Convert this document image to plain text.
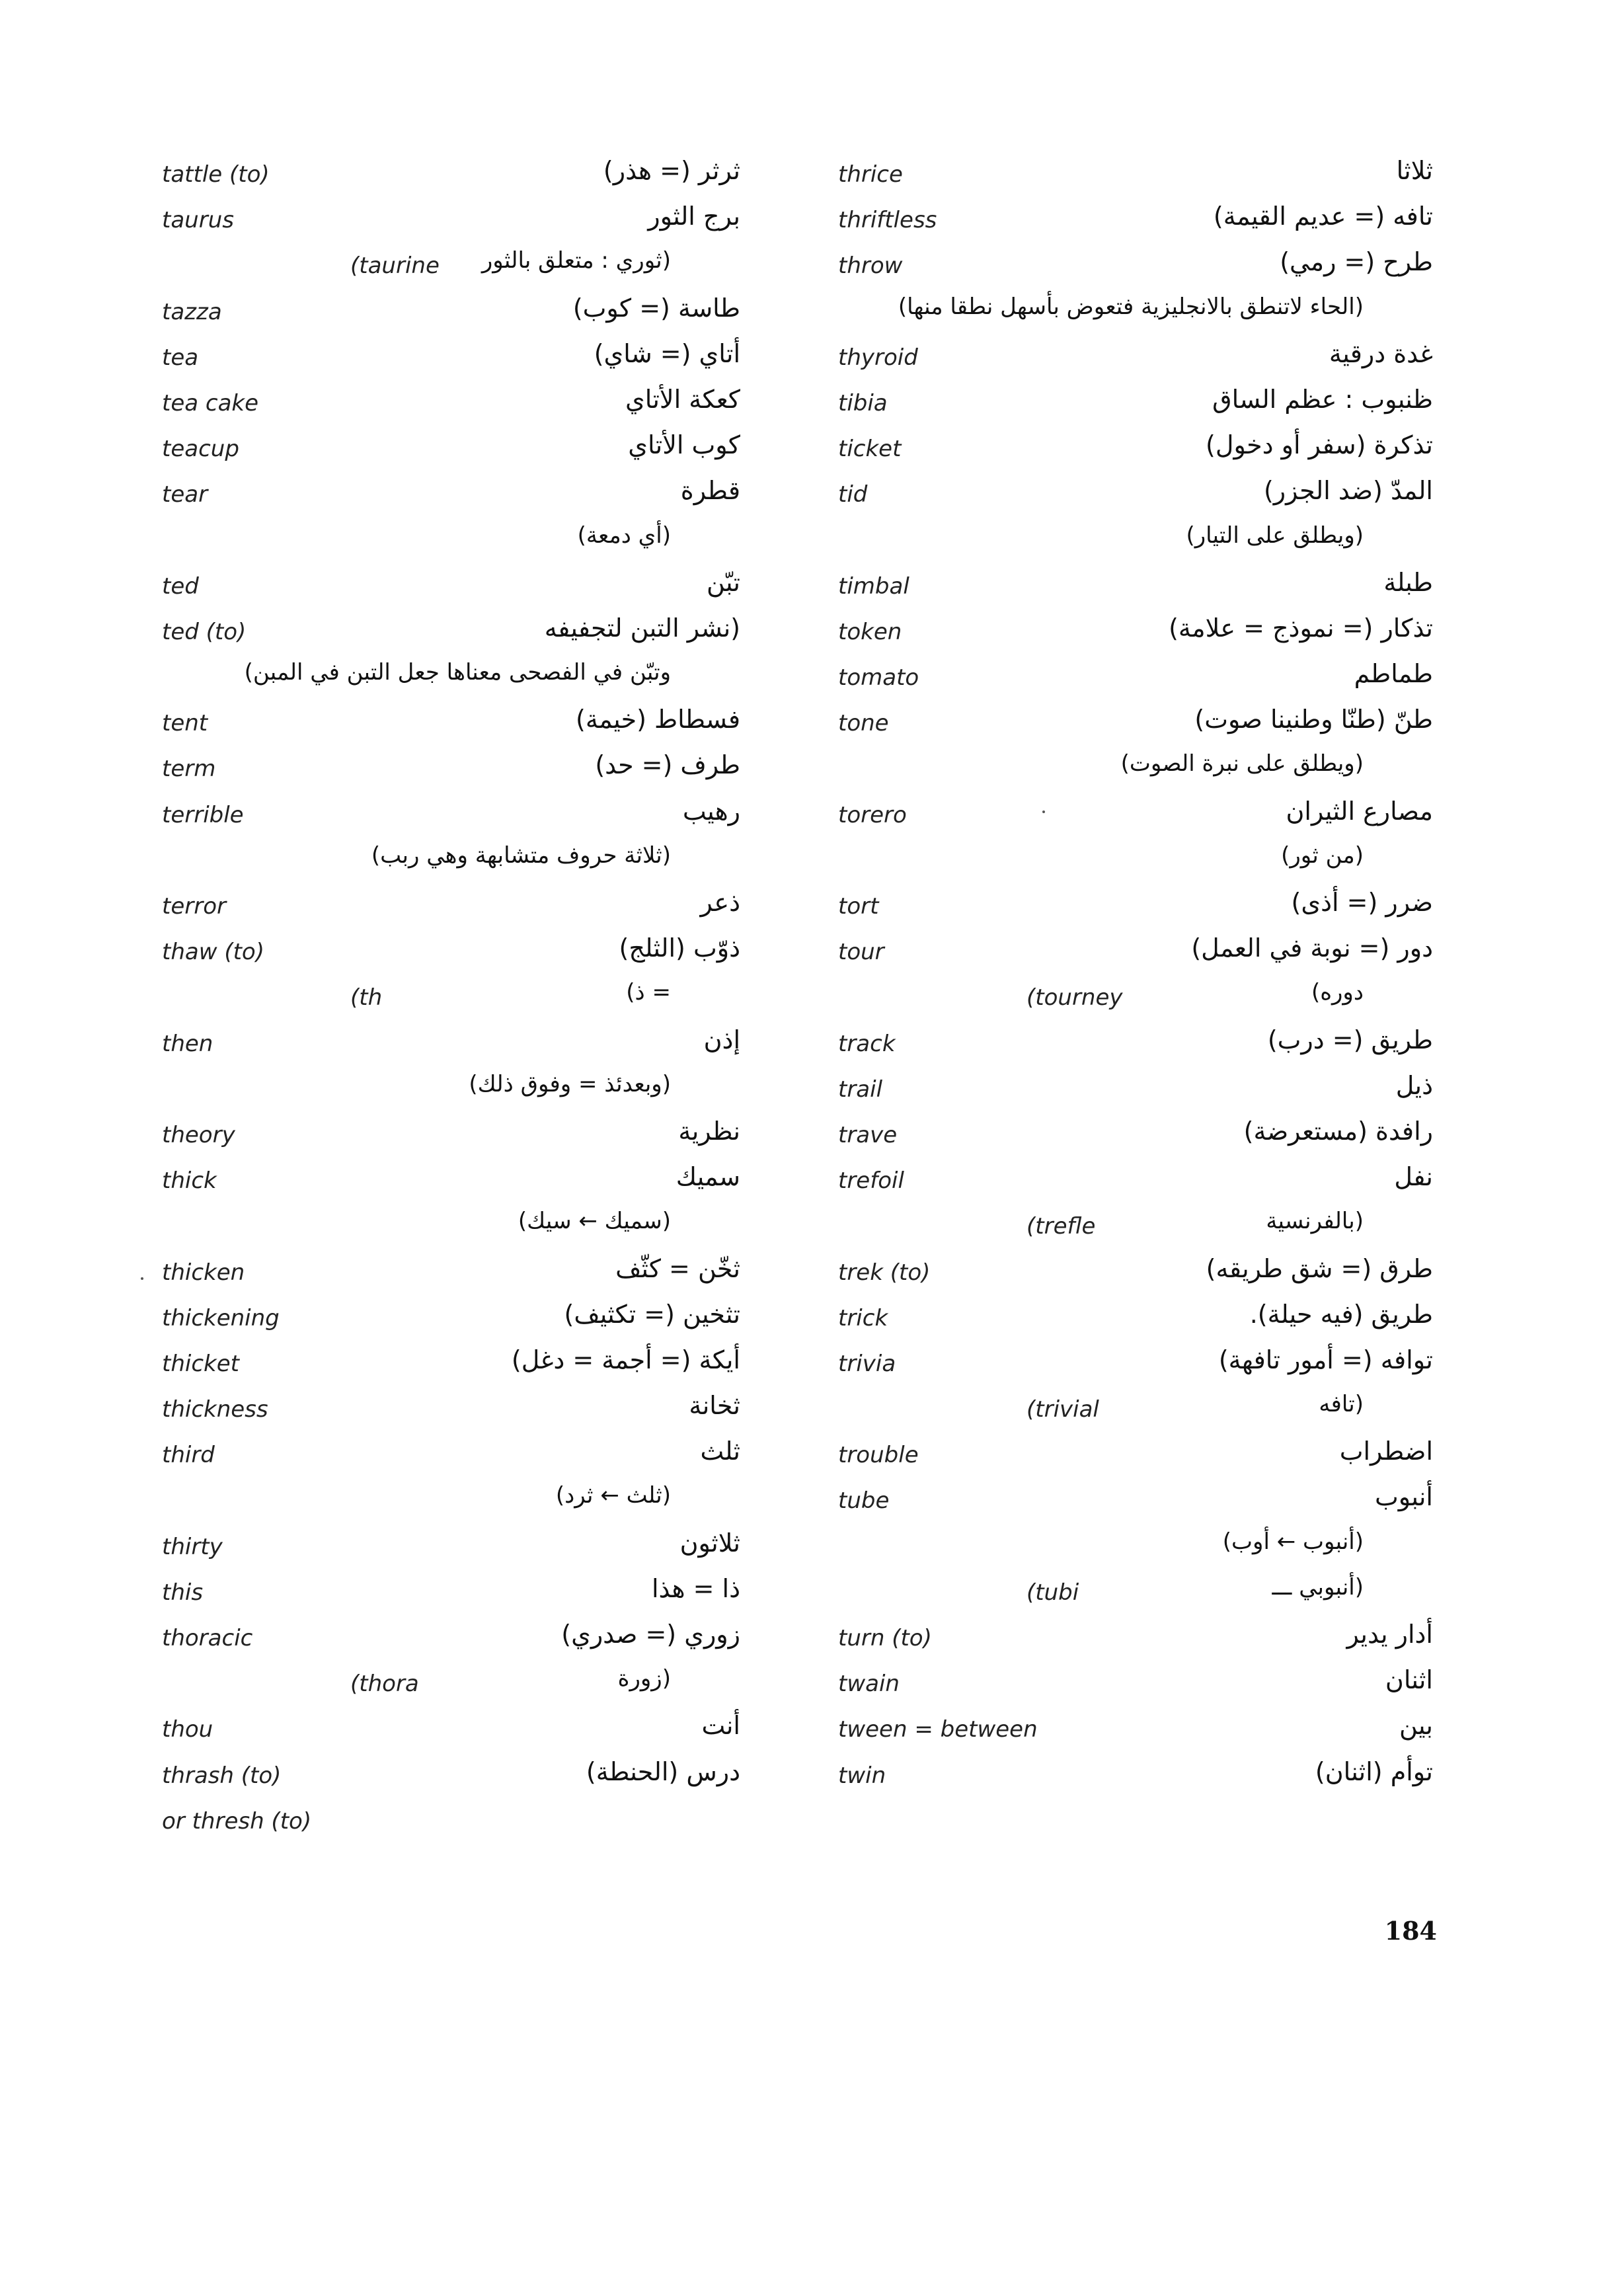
tattle (to)	ثرثر (= هذر)
taurus	برج الثور
(taurine (ثوري : متعلق بالثور
tazza	طاسة (= كوب)
tea	أتاي (= شاي)
tea cake	كعكة الأتاي
teacup	كوب الأتاي
tear	قطرة
(أي دمعة)
ted	تبّن
ted (to)	(نشر التبن لتجفيفه
وتبّن في الفصحى معناها جعل التبن في المبن)
tent	فسطاط (خيمة)
term	طرف (= حد)
terrible	رهيب
(ثلاثة حروف متشابهة وهي ربب)
terror	ذعر
thaw (to)	ذوّب (الثلج)
(th	= ذ)
then	إذن
(وبعدئذ = وفوق ذلك)
theory	نظرية
thick	سميك
(سميك ← سيك)
thicken	ثخّن = كثّف
thickening	تثخين (= تكثيف)
thicket	أيكة (= أجمة = دغل)
thickness	ثخانة
third	ثلث
(ثلث ← ثرد)
thirty	ثلاثون
this	ذا = هذا
thoracic	زوري (= صدري)
(thora	(زورة
thou	أنت
thrash (to)	درس (الحنطة)
or thresh (to)
thrice	ثلاثا
thriftless	تافه (= عديم القيمة)
throw	طرح (= رمي)
(الحاء لاتنطق بالانجليزية فتعوض بأسهل نطقا منها)
thyroid	غدة درقية
tibia	ظنبوب : عظم الساق
ticket	تذكرة (سفر أو دخول)
tid	المدّ (ضد الجزر)
(ويطلق على التيار)
timbal	طبلة
token	تذكار (= نموذج = علامة)
tomato	طماطم
tone	طنّ (طنّا وطنينا صوت)
(ويطلق على نبرة الصوت)
torero	مصارع الثيران
(من ثور)
tort	ضرر (= أذى)
tour	دور (= نوبة في العمل)
(tourney	دوره)
track	طريق (= درب)
trail	ذيل
trave	رافدة (مستعرضة)
trefoil	نفل
(trefle	(بالفرنسية
trek (to)	طرق (= شق طريقه)
trick	طريق (فيه حيلة).
trivia	توافه (= أمور تافهة)
(trivial	(تافه
trouble	اضطراب
tube	أنبوب
(أنبوب ← أوب)
(tubi	(أنبوبي ـــ
turn (to)	أدار يدير
twain	اثنان
tween = between	بين
twin	توأم (اثنان)
184
